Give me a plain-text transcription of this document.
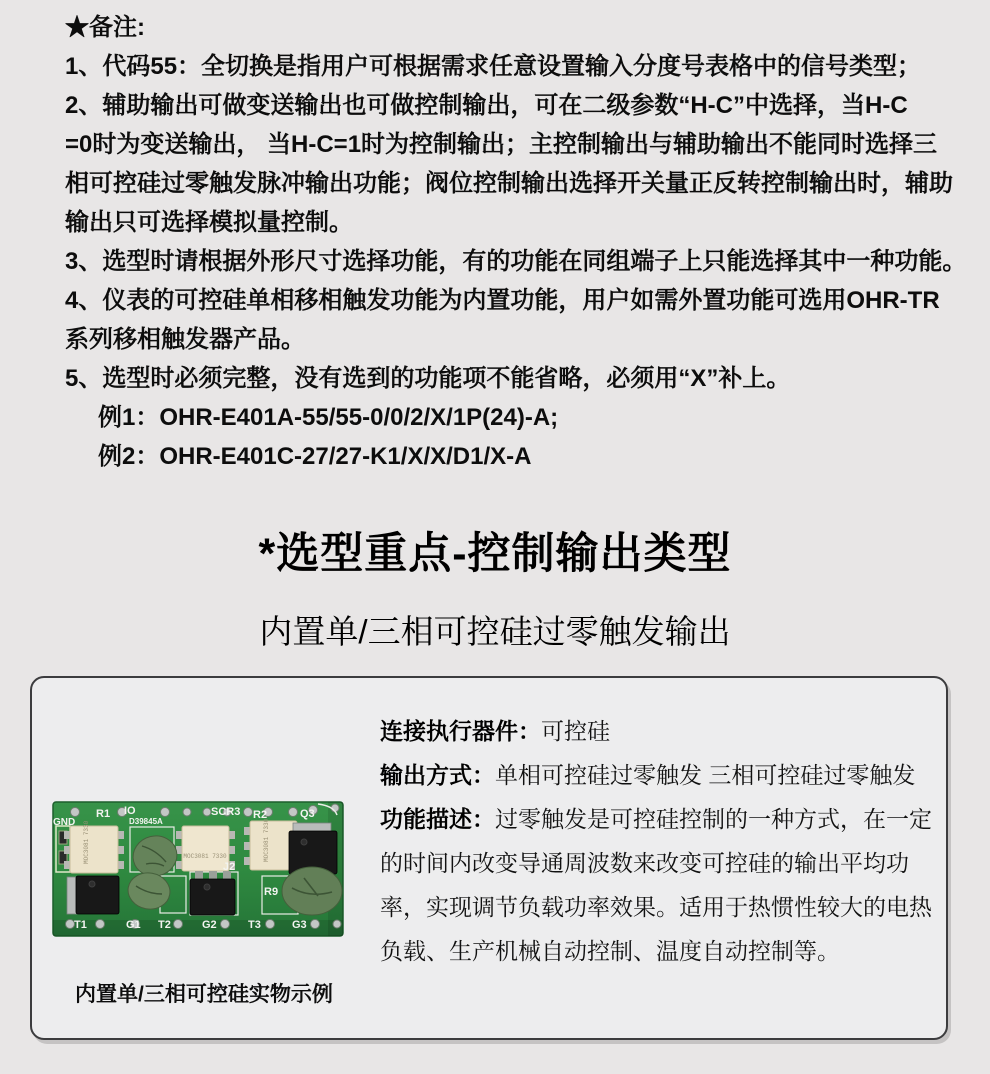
★备注:
1、代码55：全切换是指用户可根据需求任意设置输入分度号表格中的信号类型；
2、辅助输出可做变送输出也可做控制输出，可在二级参数“H-C”中选择，当H-C
=0时为变送输出， 当H-C=1时为控制输出；主控制输出与辅助输出不能同时选择三
相可控硅过零触发脉冲输出功能；阀位控制输出选择开关量正反转控制输出时，辅助
输出只可选择模拟量控制。
3、选型时请根据外形尺寸选择功能，有的功能在同组端子上只能选择其中一种功能。
4、仪表的可控硅单相移相触发功能为内置功能，用户如需外置功能可选用OHR-TR
系列移相触发器产品。
5、选型时必须完整，没有选到的功能项不能省略，必须用“X”补上。
例1：OHR-E401A-55/55-0/0/2/X/1P(24)-A;
例2：OHR-E401C-27/27-K1/X/X/D1/X-A
*选型重点-控制输出类型
内置单/三相可控硅过零触发输出
MOC3081 7330	MOC3081 7330	MOC3081 7330
GND
R1 IO
D39845A
SCR3 R2	Q3
J2
R9
T1	G1 T2	G2	T3	G3
内置单/三相可控硅实物示例

连接执行器件：可控硅

输出方式：单相可控硅过零触发 三相可控硅过零触发

功能描述：过零触发是可控硅控制的一种方式，在一定的时间内改变导通周波数来改变可控硅的输出平均功率，实现调节负载功率效果。适用于热惯性较大的电热负载、生产机械自动控制、温度自动控制等。
